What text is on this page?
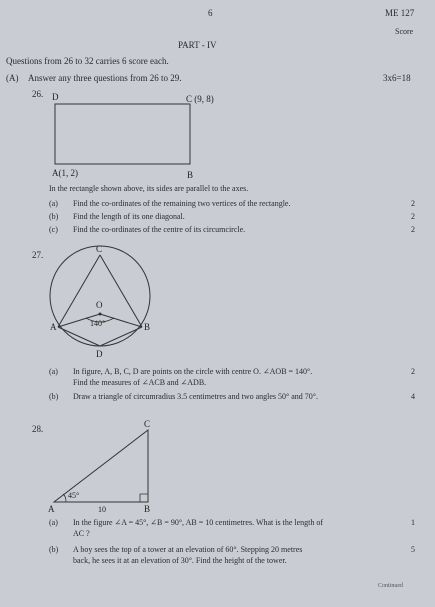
6	ME 127
Score
PART - IV
Questions from 26 to 32 carries 6 score each.
(A) Answer any three questions from 26 to 29.	3x6=18
26. D	C (9, 8)
A(1, 2)	B
In the rectangle shown above, its sides are parallel to the axes.
(a) Find the co-ordinates of the remaining two vertices of the rectangle.	2
(b) Find the length of its one diagonal.	2
(c) Find the co-ordinates of the centre of its circumcircle.	2
27.
C
O
A	B
D
140°
(a) In figure, A, B, C, D are points on the circle with centre O. ∠AOB = 140°.
Find the measures of ∠ACB and ∠ADB.
2
(b) Draw a triangle of circumradius 3.5 centimetres and two angles 50° and 70°.	4
28.	C
A	B
45°
10
(a) In the figure ∠A = 45°, ∠B = 90°, AB = 10 centimetres. What is the length of
AC ?
1
(b) A boy sees the top of a tower at an elevation of 60°. Stepping 20 metres
back, he sees it at an elevation of 30°. Find the height of the tower.
5
Continued
